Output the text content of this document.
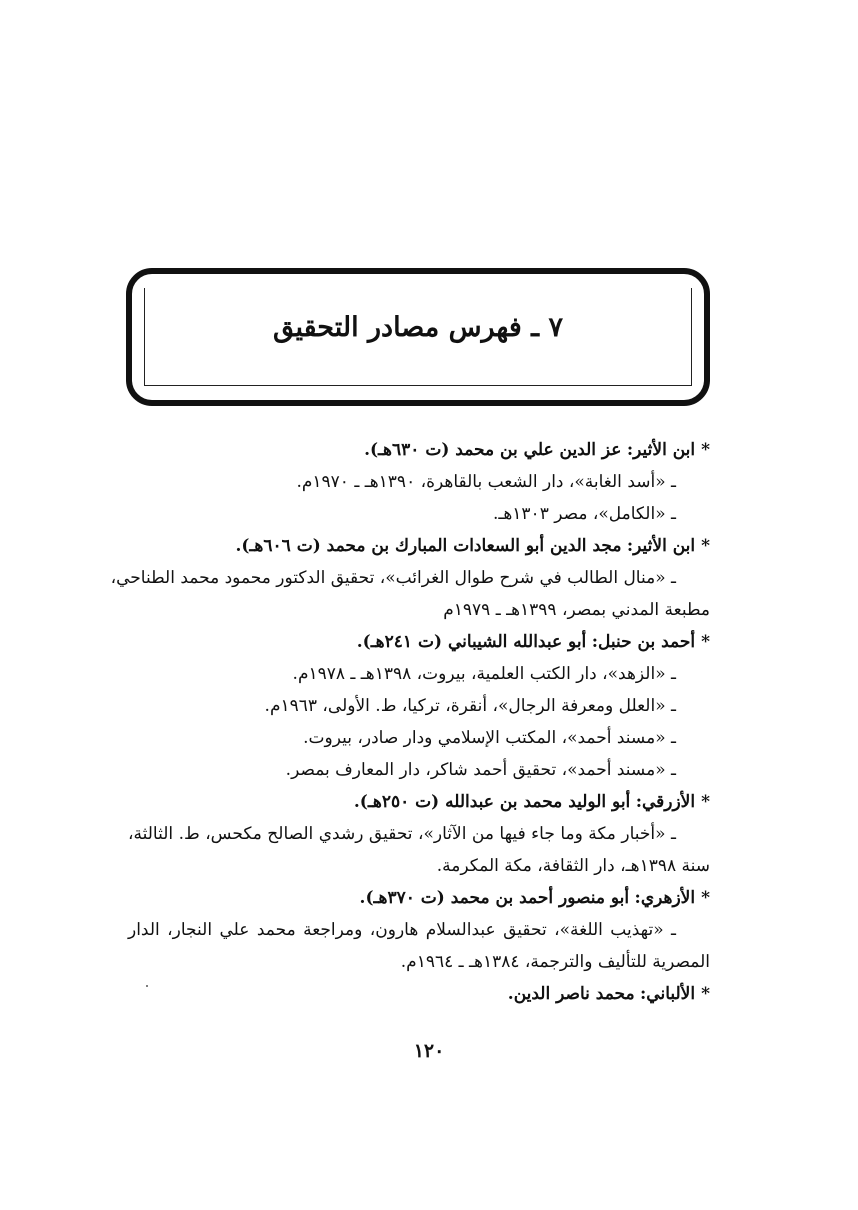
٧ ـ فهرس مصادر التحقيق
*ابن الأثير: عز الدين علي بن محمد (ت ٦٣٠هـ).
ـ «أسد الغابة»، دار الشعب بالقاهرة، ١٣٩٠هـ ـ ١٩٧٠م.
ـ «الكامل»، مصر ١٣٠٣هـ.
*ابن الأثير: مجد الدين أبو السعادات المبارك بن محمد (ت ٦٠٦هـ).
ـ «منال الطالب في شرح طوال الغرائب»، تحقيق الدكتور محمود محمد الطناحي،
مطبعة المدني بمصر، ١٣٩٩هـ ـ ١٩٧٩م
*أحمد بن حنبل: أبو عبدالله الشيباني (ت ٢٤١هـ).
ـ «الزهد»، دار الكتب العلمية، بيروت، ١٣٩٨هـ ـ ١٩٧٨م.
ـ «العلل ومعرفة الرجال»، أنقرة، تركيا، ط. الأولى، ١٩٦٣م.
ـ «مسند أحمد»، المكتب الإسلامي ودار صادر، بيروت.
ـ «مسند أحمد»، تحقيق أحمد شاكر، دار المعارف بمصر.
*الأزرقي: أبو الوليد محمد بن عبدالله (ت ٢٥٠هـ).
ـ «أخبار مكة وما جاء فيها من الآثار»، تحقيق رشدي الصالح مكحس، ط. الثالثة،
سنة ١٣٩٨هـ، دار الثقافة، مكة المكرمة.
*الأزهري: أبو منصور أحمد بن محمد (ت ٣٧٠هـ).
ـ «تهذيب اللغة»، تحقيق عبدالسلام هارون، ومراجعة محمد علي النجار، الدار
المصرية للتأليف والترجمة، ١٣٨٤هـ ـ ١٩٦٤م.
*الألباني: محمد ناصر الدين.
١٢٠
